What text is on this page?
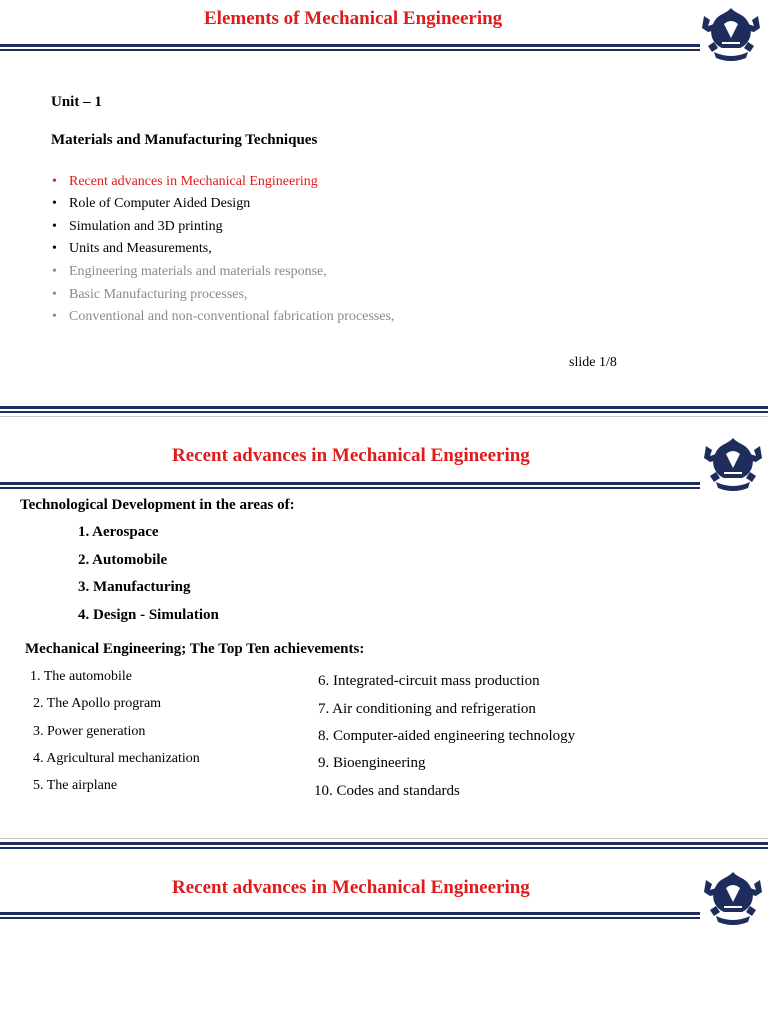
Elements of Mechanical Engineering
Unit – 1
Materials and Manufacturing Techniques
• Recent advances in Mechanical Engineering
• Role of Computer Aided Design
• Simulation and 3D printing
• Units and Measurements,
• Engineering materials and materials response,
• Basic Manufacturing processes,
• Conventional and non-conventional fabrication processes,
slide 1/8
Recent advances in Mechanical Engineering
Technological Development in the areas of:
1. Aerospace
2. Automobile
3. Manufacturing
4. Design - Simulation
Mechanical Engineering; The Top Ten achievements:
1. The automobile
2. The Apollo program
3. Power generation
4. Agricultural mechanization
5. The airplane
6. Integrated-circuit mass production
7. Air conditioning and refrigeration
8. Computer-aided engineering technology
9. Bioengineering
10. Codes and standards
Recent advances in Mechanical Engineering
